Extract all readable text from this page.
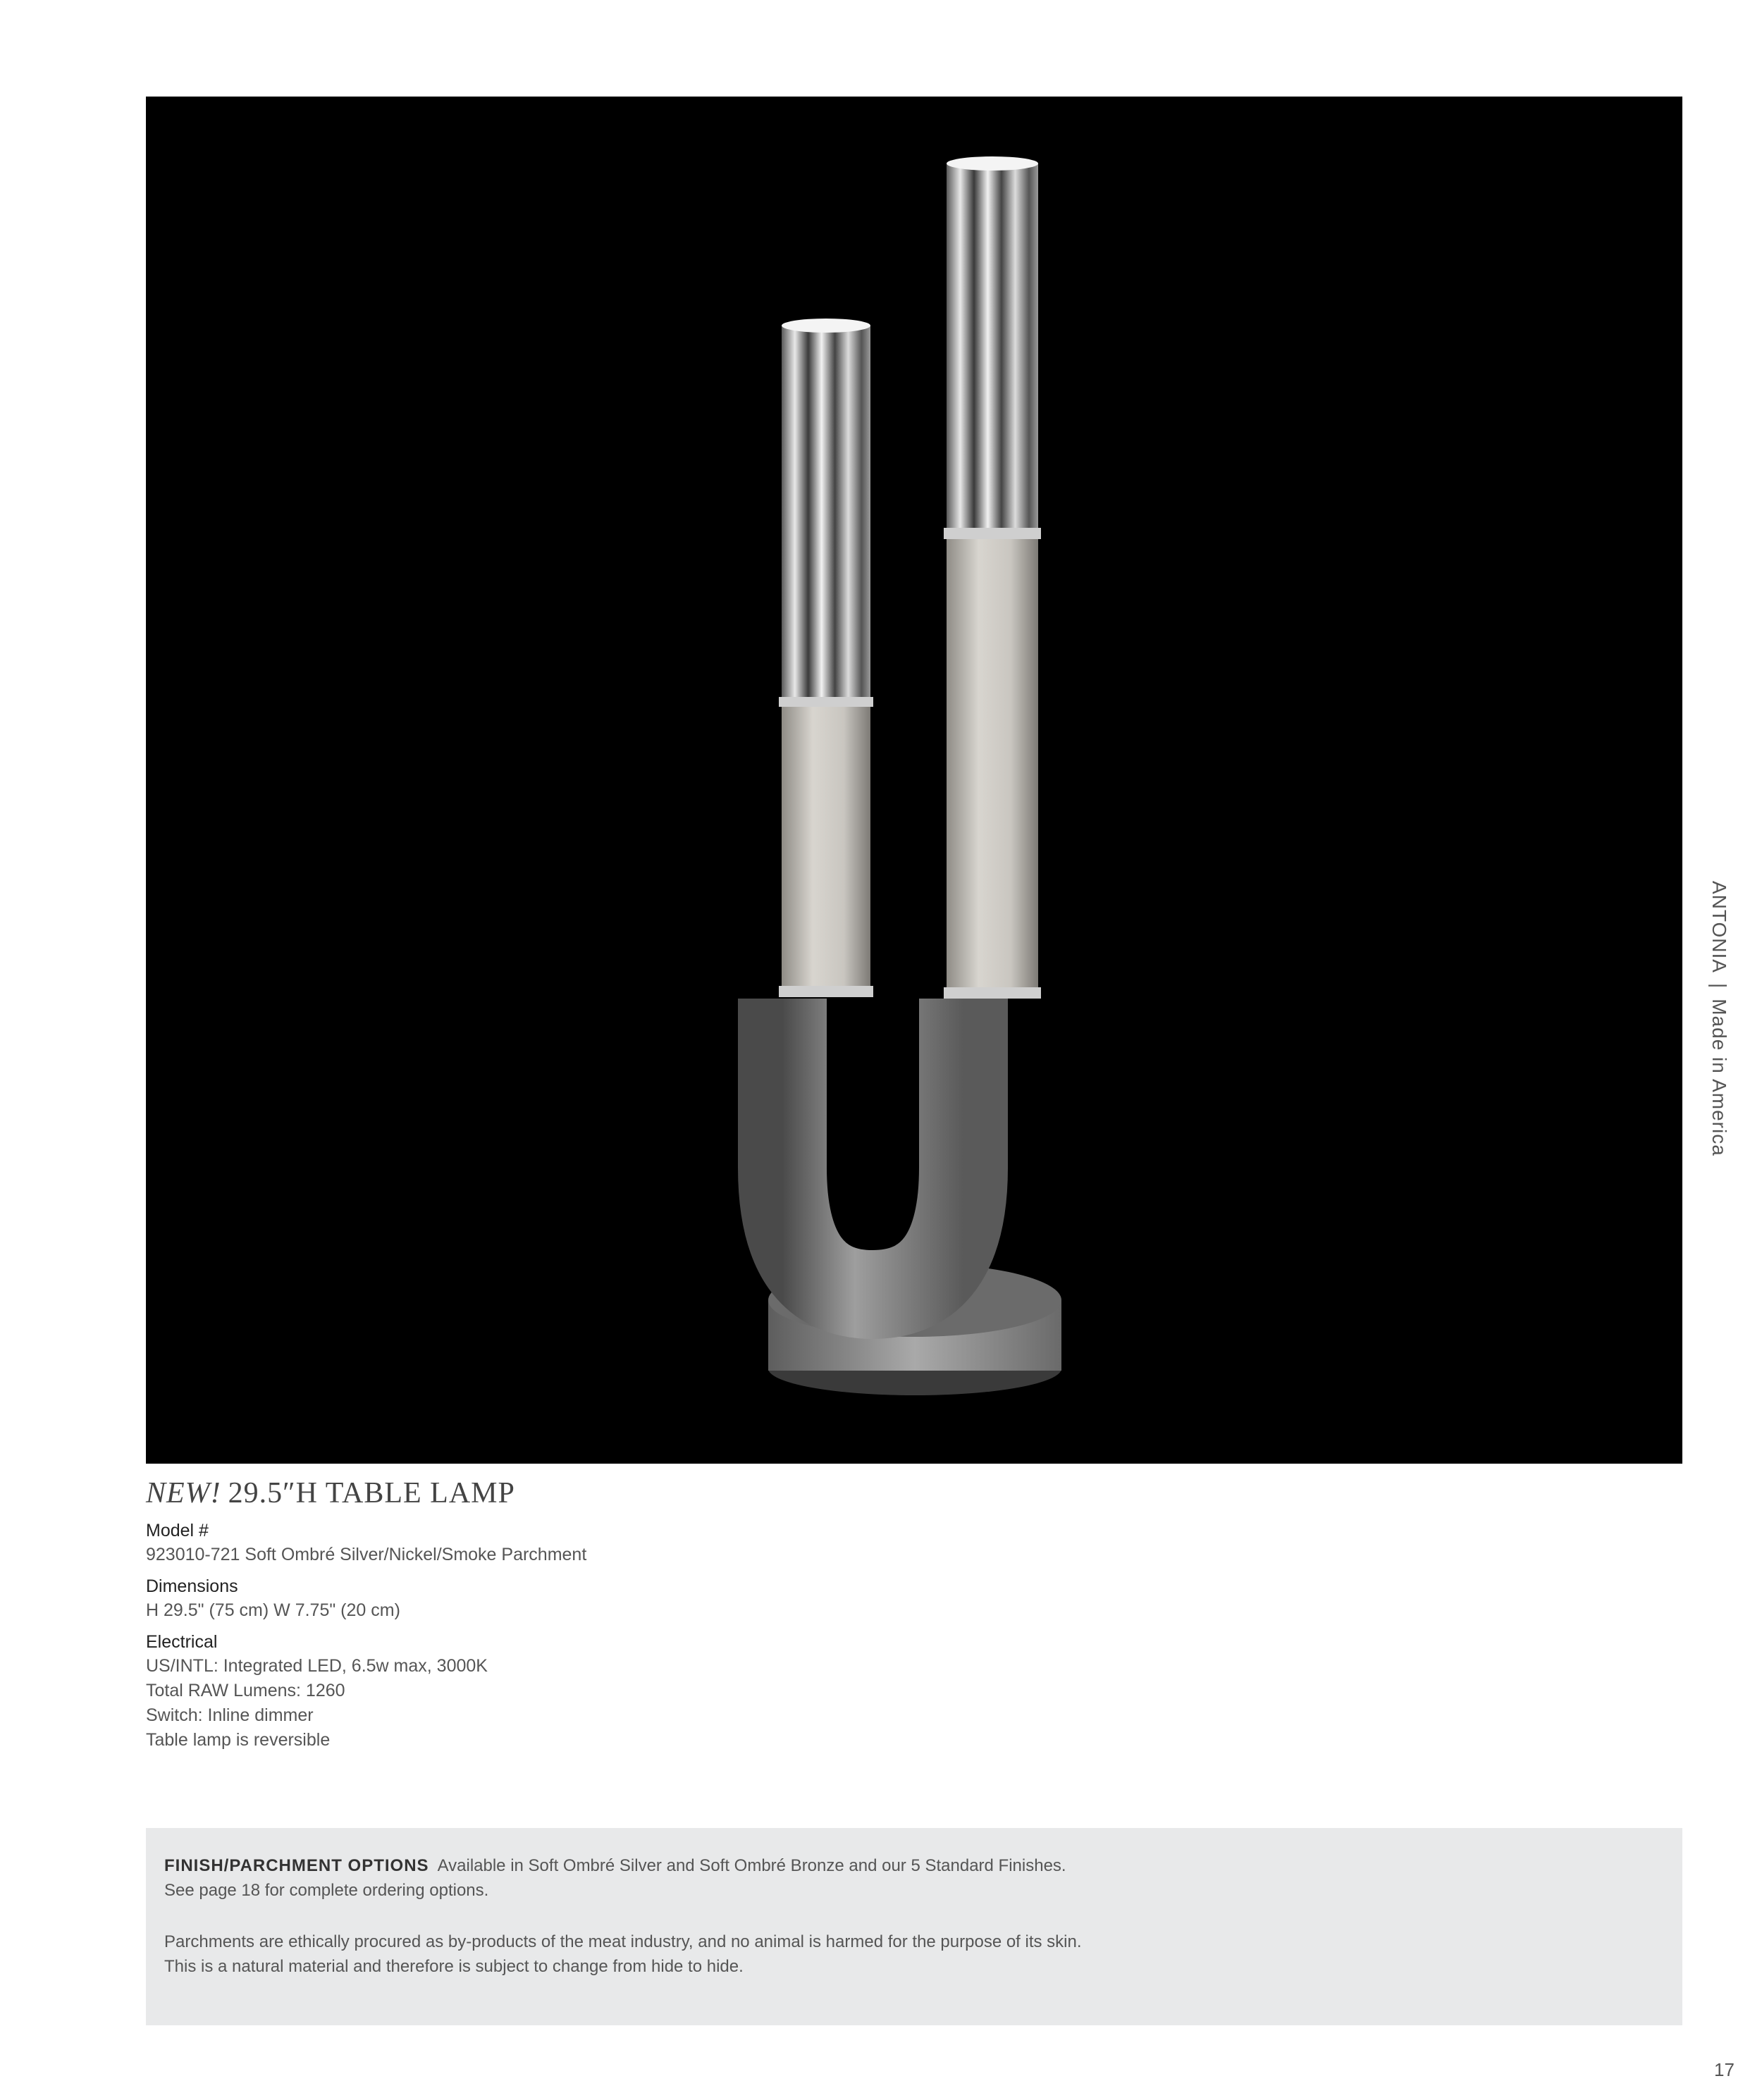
ANTONIA|Made in America
NEW! 29.5″H TABLE LAMP
Model #
923010-721 Soft Ombré Silver/Nickel/Smoke Parchment
Dimensions
H 29.5" (75 cm) W 7.75" (20 cm)
Electrical
US/INTL: Integrated LED, 6.5w max, 3000K
Total RAW Lumens: 1260
Switch: Inline dimmer
Table lamp is reversible

FINISH/PARCHMENT OPTIONS Available in Soft Ombré Silver and Soft Ombré Bronze and our 5 Standard Finishes.

See page 18 for complete ordering options.

Parchments are ethically procured as by-products of the meat industry, and no animal is harmed for the purpose of its skin.

This is a natural material and therefore is subject to change from hide to hide.

17
